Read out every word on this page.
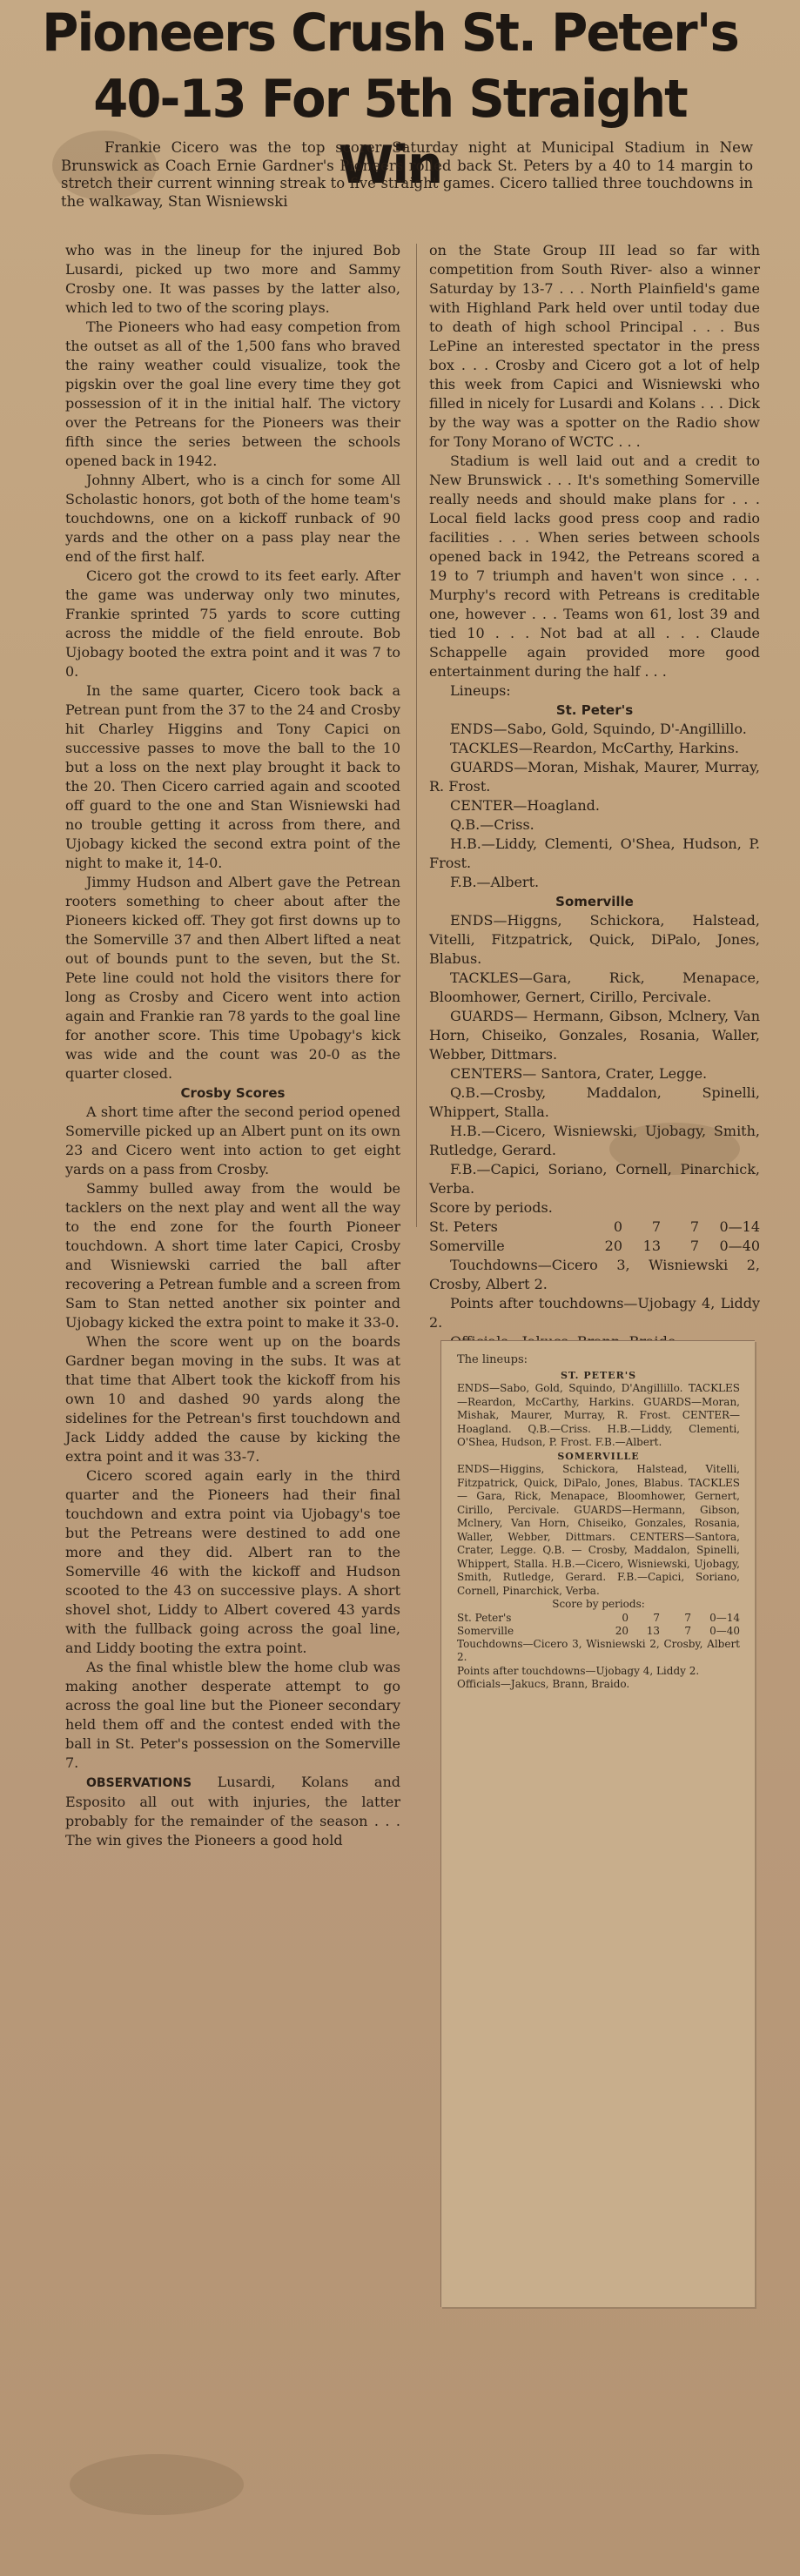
Pioneers Crush St. Peter's
40-13 For 5th Straight Win
Frankie Cicero was the top scorer Saturday night at Municipal Stadium in New Brunswick as Coach Ernie Gardner's Pioneers rolled back St. Peters by a 40 to 14 margin to stretch their current winning streak to five straight games. Cicero tallied three touchdowns in the walkaway, Stan Wisniewski

who was in the lineup for the injured Bob Lusardi, picked up two more and Sammy Crosby one. It was passes by the latter also, which led to two of the scoring plays.

The Pioneers who had easy competion from the outset as all of the 1,500 fans who braved the rainy weather could visualize, took the pigskin over the goal line every time they got possession of it in the initial half. The victory over the Petreans for the Pioneers was their fifth since the series between the schools opened back in 1942.

Johnny Albert, who is a cinch for some All Scholastic honors, got both of the home team's touchdowns, one on a kickoff runback of 90 yards and the other on a pass play near the end of the first half.

Cicero got the crowd to its feet early. After the game was underway only two minutes, Frankie sprinted 75 yards to score cutting across the middle of the field enroute. Bob Ujobagy booted the extra point and it was 7 to 0.

In the same quarter, Cicero took back a Petrean punt from the 37 to the 24 and Crosby hit Charley Higgins and Tony Capici on successive passes to move the ball to the 10 but a loss on the next play brought it back to the 20. Then Cicero carried again and scooted off guard to the one and Stan Wisniewski had no trouble getting it across from there, and Ujobagy kicked the second extra point of the night to make it, 14-0.

Jimmy Hudson and Albert gave the Petrean rooters something to cheer about after the Pioneers kicked off. They got first downs up to the Somerville 37 and then Albert lifted a neat out of bounds punt to the seven, but the St. Pete line could not hold the visitors there for long as Crosby and Cicero went into action again and Frankie ran 78 yards to the goal line for another score. This time Upobagy's kick was wide and the count was 20-0 as the quarter closed.

Crosby Scores

A short time after the second period opened Somerville picked up an Albert punt on its own 23 and Cicero went into action to get eight yards on a pass from Crosby.

Sammy bulled away from the would be tacklers on the next play and went all the way to the end zone for the fourth Pioneer touchdown. A short time later Capici, Crosby and Wisniewski carried the ball after recovering a Petrean fumble and a screen from Sam to Stan netted another six pointer and Ujobagy kicked the extra point to make it 33-0.

When the score went up on the boards Gardner began moving in the subs. It was at that time that Albert took the kickoff from his own 10 and dashed 90 yards along the sidelines for the Petrean's first touchdown and Jack Liddy added the cause by kicking the extra point and it was 33-7.

Cicero scored again early in the third quarter and the Pioneers had their final touchdown and extra point via Ujobagy's toe but the Petreans were destined to add one more and they did. Albert ran to the Somerville 46 with the kickoff and Hudson scooted to the 43 on successive plays. A short shovel shot, Liddy to Albert covered 43 yards with the fullback going across the goal line, and Liddy booting the extra point.

As the final whistle blew the home club was making another desperate attempt to go across the goal line but the Pioneer secondary held them off and the contest ended with the ball in St. Peter's possession on the Somerville 7.

OBSERVATIONS Lusardi, Kolans and Esposito all out with injuries, the latter probably for the remainder of the season . . . The win gives the Pioneers a good hold

on the State Group III lead so far with competition from South River- also a winner Saturday by 13-7 . . . North Plainfield's game with Highland Park held over until today due to death of high school Principal . . . Bus LePine an interested spectator in the press box . . . Crosby and Cicero got a lot of help this week from Capici and Wisniewski who filled in nicely for Lusardi and Kolans . . . Dick by the way was a spotter on the Radio show for Tony Morano of WCTC . . .

Stadium is well laid out and a credit to New Brunswick . . . It's something Somerville really needs and should make plans for . . . Local field lacks good press coop and radio facilities . . . When series between schools opened back in 1942, the Petreans scored a 19 to 7 triumph and haven't won since . . . Murphy's record with Petreans is creditable one, however . . . Teams won 61, lost 39 and tied 10 . . . Not bad at all . . . Claude Schappelle again provided more good entertainment during the half . . .

Lineups:

St. Peter's

ENDS—Sabo, Gold, Squindo, D'-Angillillo.

TACKLES—Reardon, McCarthy, Harkins.

GUARDS—Moran, Mishak, Maurer, Murray, R. Frost.

CENTER—Hoagland.

Q.B.—Criss.

H.B.—Liddy, Clementi, O'Shea, Hudson, P. Frost.

F.B.—Albert.

Somerville

ENDS—Higgns, Schickora, Halstead, Vitelli, Fitzpatrick, Quick, DiPalo, Jones, Blabus.

TACKLES—Gara, Rick, Menapace, Bloomhower, Gernert, Cirillo, Percivale.

GUARDS— Hermann, Gibson, Mclnery, Van Horn, Chiseiko, Gonzales, Rosania, Waller, Webber, Dittmars.

CENTERS— Santora, Crater, Legge.

Q.B.—Crosby, Maddalon, Spinelli, Whippert, Stalla.

H.B.—Cicero, Wisniewski, Ujobagy, Smith, Rutledge, Gerard.

F.B.—Capici, Soriano, Cornell, Pinarchick, Verba.

Score by periods.

St. Peters	0	7	7	0—14
Somerville	20	13	7	0—40

Touchdowns—Cicero 3, Wisniewski 2, Crosby, Albert 2.

Points after touchdowns—Ujobagy 4, Liddy 2.

The lineups:

ST. PETER'S

ENDS—Sabo, Gold, Squindo, D'Angillillo. TACKLES—Reardon, McCarthy, Harkins. GUARDS—Moran, Mishak, Maurer, Murray, R. Frost. CENTER—Hoagland. Q.B.—Criss. H.B.—Liddy, Clementi, O'Shea, Hudson, P. Frost. F.B.—Albert.

SOMERVILLE

ENDS—Higgins, Schickora, Halstead, Vitelli, Fitzpatrick, Quick, DiPalo, Jones, Blabus. TACKLES — Gara, Rick, Menapace, Bloomhower, Gernert, Cirillo, Percivale. GUARDS—Hermann, Gibson, Mclnery, Van Horn, Chiseiko, Gonzales, Rosania, Waller, Webber, Dittmars. CENTERS—Santora, Crater, Legge. Q.B. — Crosby, Maddalon, Spinelli, Whippert, Stalla. H.B.—Cicero, Wisniewski, Ujobagy, Smith, Rutledge, Gerard. F.B.—Capici, Soriano, Cornell, Pinarchick, Verba.

Score by periods:

St. Peter's	0	7	7	0—14
Somerville	20	13	7	0—40

Touchdowns—Cicero 3, Wisniewski 2, Crosby, Albert 2.

Points after touchdowns—Ujobagy 4, Liddy 2.

Officials—Jakucs, Brann, Braido.
